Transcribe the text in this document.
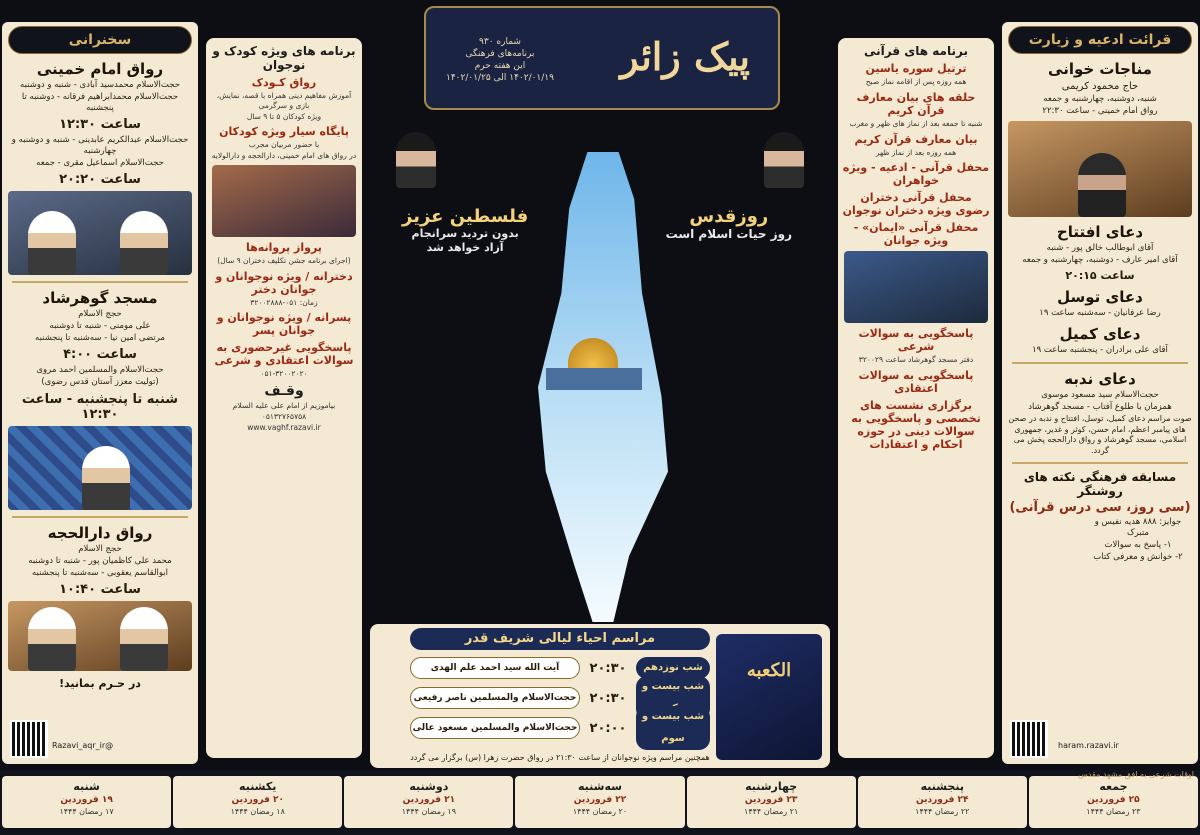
سخنرانی
رواق امام خمینی
حجت‌الاسلام محمدسید آبادی - شنبه و دوشنبه
حجت‌الاسلام محمدابراهیم فرقانه - دوشنبه تا پنجشنبه
ساعت ۱۲:۳۰
حجت‌الاسلام عبدالکریم عابدینی - شنبه و دوشنبه و چهارشنبه
حجت‌الاسلام اسماعیل مقری - جمعه
ساعت ۲۰:۲۰
مسجد گوهرشاد
حجج الاسلام
علی مومنی - شنبه تا دوشنبه
مرتضی امین نیا - سه‌شنبه تا پنجشنبه
ساعت ۴:۰۰
حجت‌الاسلام والمسلمین احمد مروی
(تولیت معزز آستان قدس رضوی)
شنبه تا پنجشنبه - ساعت ۱۲:۳۰
رواق دارالحجه
حجج الاسلام
محمد علی کاظمیان پور - شنبه تا دوشنبه
ابوالقاسم یعقوبی - سه‌شنبه تا پنجشنبه
ساعت ۱۰:۴۰
در حـرم بمانید!
@Razavi_aqr_ir
برنامه های ویژه کودک و نوجوان
رواق کـودک
آموزش مفاهیم دینی همراه با قصه، نمایش، بازی و سرگرمی
ویژه کودکان ۵ تا ۹ سال
پایگاه سیار ویژه کودکان
با حضور مربیان مجرب
در رواق های امام خمینی، دارالحجه و دارالولایه
پرواز پروانه‌ها
(اجرای برنامه جشن تکلیف دختران ۹ سال)
دخترانه / ویژه نوجوانان و جوانان دختر
زمان: ۰۵۱-۳۲۰۰۲۸۸۸
پسرانه / ویژه نوجوانان و جوانان پسر
پاسخگویی غیرحضوری به سوالات اعتقادی و شرعی
۰۵۱-۳۲۰۰۲۰۲۰
وقـف
بیاموزیم از امام علی علیه السلام
۰۵۱۳۲۷۶۵۷۵۸
www.vaghf.razavi.ir
پیک زائر
شماره ۹۳۰
برنامه‌های فرهنگی
این هفته حرم
۱۴۰۲/۰۱/۱۹ الی ۱۴۰۲/۰۱/۲۵
روزقدس
روز حیات اسلام است
فلسطین عزیز
بدون تردید سرانجام
آزاد خواهد شد
مراسم احیاء لیالی شریف قدر
شب نوزدهم
۲۰:۳۰
آیت الله سید احمد علم الهدی
شب بیست و
۲۰:۳۰
حجت‌الاسلام والمسلمین ناصر رفیعی
شب بیست و سوم
۲۰:۰۰
حجت‌الاسلام والمسلمین مسعود عالی
همچنین مراسم ویژه نوجوانان از ساعت ۲۱:۳۰ در رواق حضرت زهرا (س) برگزار می گردد
الکعبه
برنامه های قرآنی
ترتیل سوره یاسین
همه روزه پس از اقامه نماز صبح
حلقه های بیان معارف قرآن کریم
شنبه تا جمعه بعد از نماز های ظهر و مغرب
بیان معارف قرآن کریم
همه روزه بعد از نماز ظهر
محفل قرآنی - ادعیه - ویژه خواهران
محفل قرآنی دختران رضوی ویژه دختران نوجوان
محفل قرآنی «ایمان» - ویژه جوانان
پاسخگویی به سوالات شرعی
دفتر مسجد گوهرشاد ساعت ۳۲۰۰۲۹
پاسخگویی به سوالات اعتقادی
برگزاری نشست های تخصصی و پاسخگویی به سوالات دینی در حوزه احکام و اعتقادات
قرائت ادعیه و زیارت
مناجات خوانی
حاج محمود کریمی
شنبه، دوشنبه، چهارشنبه و جمعه
رواق امام خمینی - ساعت ۲۲:۳۰
دعای افتتاح
آقای ابوطالب خالق پور - شنبه
آقای امیر عارف - دوشنبه، چهارشنبه و جمعه
ساعت ۲۰:۱۵
دعای توسل
رضا عرفانیان - سه‌شنبه ساعت ۱۹
دعای کمیل
آقای علی برادران - پنجشنبه ساعت ۱۹
دعای ندبه
حجت‌الاسلام سید مسعود موسوی
همزمان با طلوع آفتاب - مسجد گوهرشاد
صوت مراسم دعای کمیل، توسل، افتتاح و ندبه در صحن های پیامبر اعظم، امام حسن، کوثر و غدیر، جمهوری اسلامی، مسجد گوهرشاد و رواق دارالحجه پخش می گردد.
مسابقه فرهنگی نکته های روشنگر
(سی روز، سی درس قرآنی)
جوایز: ۸۸۸ هدیه نفیس و متبرک
۱- پاسخ به سوالات
۲- خوانش و معرفی کتاب
haram.razavi.ir
جمعه
۲۵ فروردین
۲۳ رمضان ۱۴۴۴
پنجشنبه
۲۴ فروردین
۲۲ رمضان ۱۴۴۴
چهارشنبه
۲۳ فروردین
۲۱ رمضان ۱۴۴۴
سه‌شنبه
۲۲ فروردین
۲۰ رمضان ۱۴۴۴
دوشنبه
۲۱ فروردین
۱۹ رمضان ۱۴۴۴
یکشنبه
۲۰ فروردین
۱۸ رمضان ۱۴۴۴
شنبه
۱۹ فروردین
۱۷ رمضان ۱۴۴۴
اوقات شرعی به افق مشهد مقدس
